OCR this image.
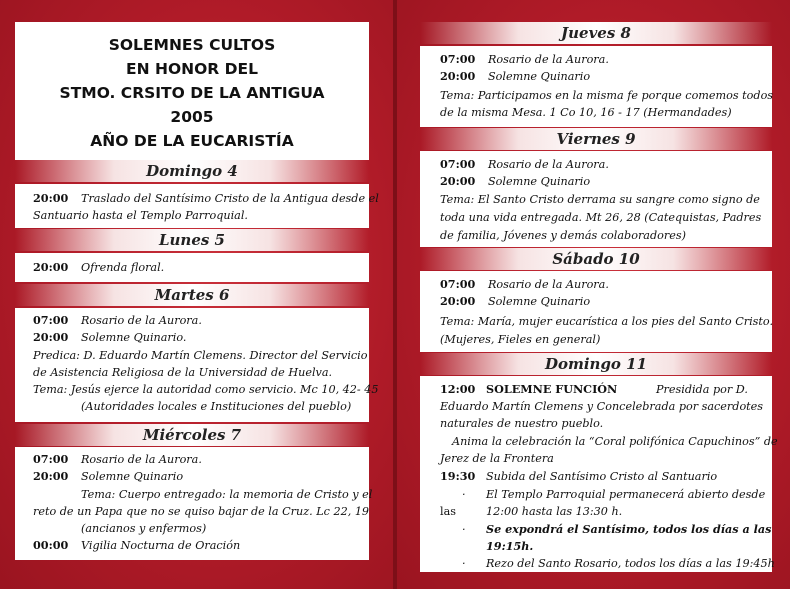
SOLEMNES CULTOS
EN HONOR DEL
STMO. CRSITO DE LA ANTIGUA
2005
AÑO DE LA EUCARISTÍA
Domingo 4
20:00 Traslado del Santísimo Cristo de la Antigua desde el
Santuario hasta el Templo Parroquial.
Lunes 5
20:00 Ofrenda floral.
Martes 6
07:00 Rosario de la Aurora.
20:00 Solemne Quinario.
Predica: D. Eduardo Martín Clemens. Director del Servicio
de Asistencia Religiosa de la Universidad de Huelva.
Tema: Jesús ejerce la autoridad como servicio. Mc 10, 42- 45
(Autoridades locales e Instituciones del pueblo)
Miércoles 7
07:00 Rosario de la Aurora.
20:00 Solemne Quinario
Tema: Cuerpo entregado: la memoria de Cristo y el
reto de un Papa que no se quiso bajar de la Cruz. Lc 22, 19
(ancianos y enfermos)
00:00 Vigilia Nocturna de Oración
Jueves 8
07:00 Rosario de la Aurora.
20:00 Solemne Quinario
Tema: Participamos en la misma fe porque comemos todos
de la misma Mesa. 1 Co 10, 16 - 17 (Hermandades)
Viernes 9
07:00 Rosario de la Aurora.
20:00 Solemne Quinario
Tema: El Santo Cristo derrama su sangre como signo de
toda una vida entregada. Mt 26, 28 (Catequistas, Padres
de familia, Jóvenes y demás colaboradores)
Sábado 10
07:00 Rosario de la Aurora.
20:00 Solemne Quinario
Tema: María, mujer eucarística a los pies del Santo Cristo.
(Mujeres, Fieles en general)
Domingo 11
12:00 SOLEMNE FUNCIÓN	Presidida por D.
Eduardo Martín Clemens y Concelebrada por sacerdotes
naturales de nuestro pueblo.
Anima la celebración la “Coral polifónica Capuchinos” de
Jerez de la Frontera
19:30 Subida del Santísimo Cristo al Santuario
· El Templo Parroquial permanecerá abierto desde
las	12:00 hasta las 13:30 h.
· Se expondrá el Santísimo, todos los días a las
19:15h.
· Rezo del Santo Rosario, todos los días a las 19:45h
